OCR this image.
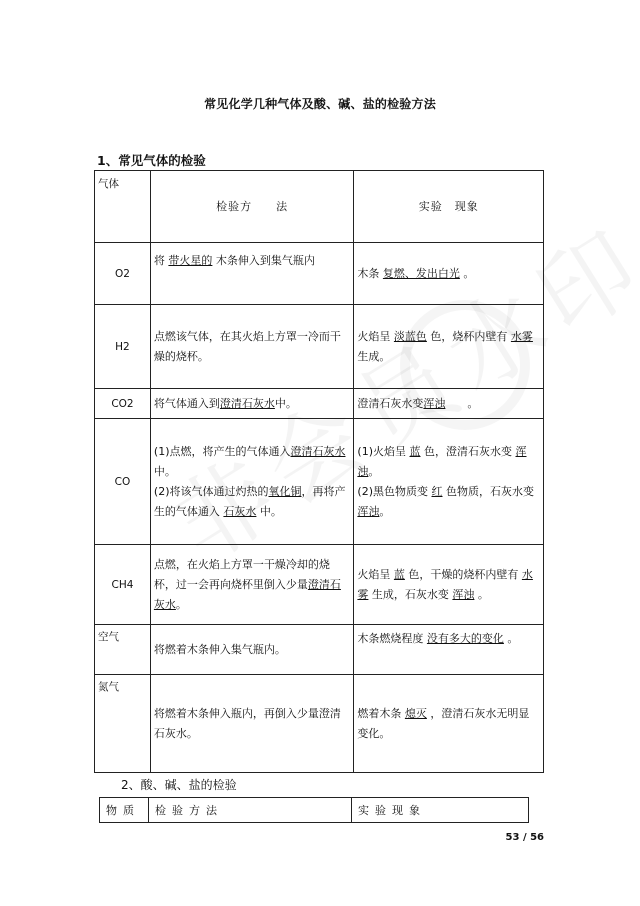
常见化学几种气体及酸、碱、盐的检验方法
1、常见气体的检验
气体	检验方　　法	实验　现象
O2	将 带火星的 木条伸入到集气瓶内	木条 复燃、发出白光 。
H2	点燃该气体，在其火焰上方罩一冷而干燥的烧杯。	火焰呈 淡蓝色 色，烧杯内壁有 水雾
生成。
CO2	将气体通入到澄清石灰水中。	澄清石灰水变浑浊　　 。
CO	(1)点燃，将产生的气体通入澄清石灰水中。
(2)将该气体通过灼热的氧化铜，再将产生的气体通入 石灰水 中。	(1)火焰呈 蓝 色，澄清石灰水变 浑浊。
(2)黑色物质变 红 色物质，石灰水变浑浊。
CH4	点燃，在火焰上方罩一干燥冷却的烧杯，过一会再向烧杯里倒入少量澄清石灰水。	火焰呈 蓝 色，干燥的烧杯内壁有 水雾 生成，石灰水变 浑浊 。
空气	将燃着木条伸入集气瓶内。	木条燃烧程度 没有多大的变化 。
氮气	将燃着木条伸入瓶内，再倒入少量澄清石灰水。	燃着木条 熄灭 ，澄清石灰水无明显变化。
2、酸、碱、盐的检验
物质	检验方法	实验现象
53 / 56
